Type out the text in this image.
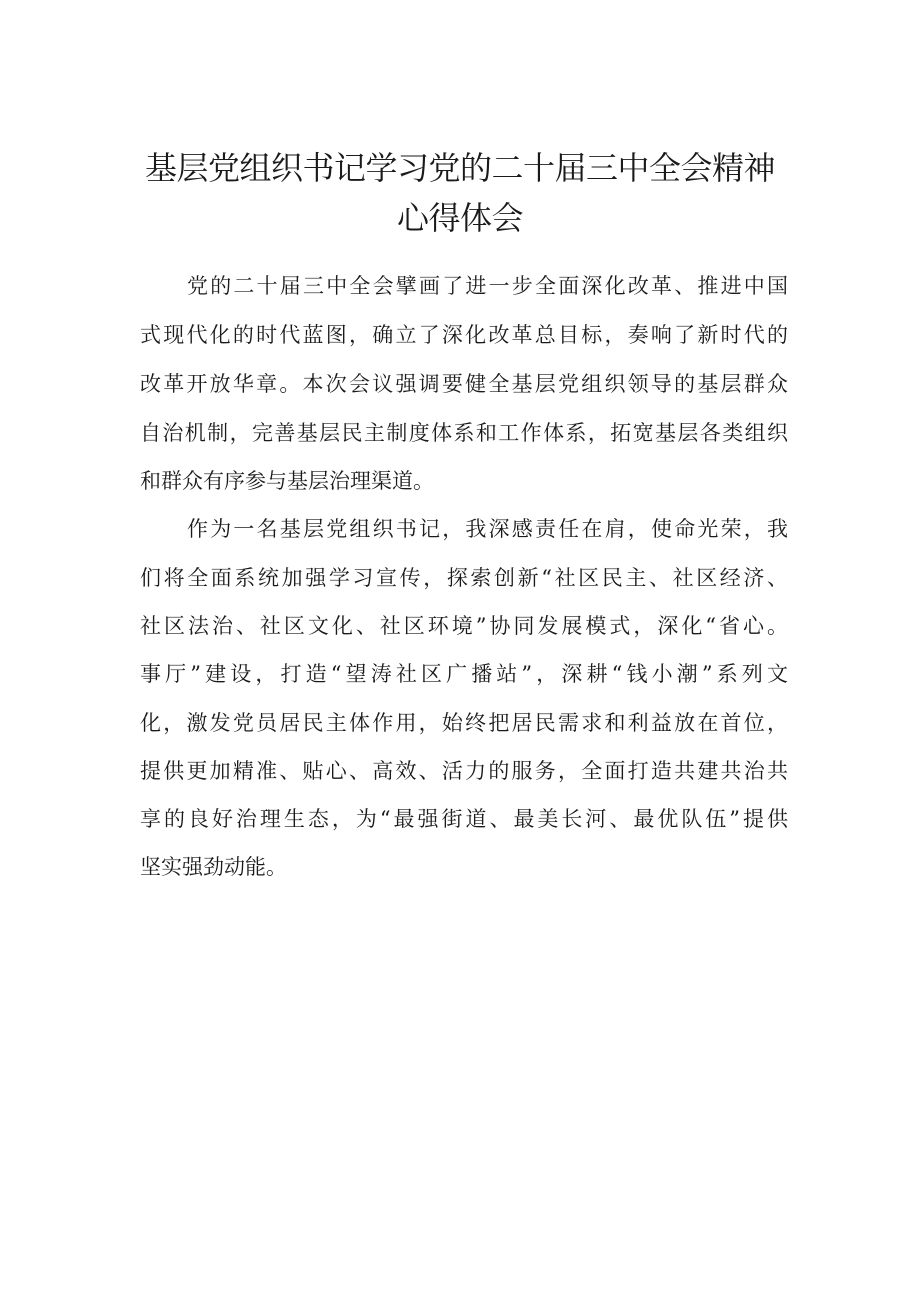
基层党组织书记学习党的二十届三中全会精神
心得体会

党的二十届三中全会擘画了进一步全面深化改革、推进中国

式现代化的时代蓝图，确立了深化改革总目标，奏响了新时代的

改革开放华章。本次会议强调要健全基层党组织领导的基层群众

自治机制，完善基层民主制度体系和工作体系，拓宽基层各类组织

和群众有序参与基层治理渠道。

作为一名基层党组织书记，我深感责任在肩，使命光荣，我

们将全面系统加强学习宣传，探索创新“社区民主、社区经济、

社区法治、社区文化、社区环境”协同发展模式，深化“省心。

事厅”建设，打造“望涛社区广播站”，深耕“钱小潮”系列文

化，激发党员居民主体作用，始终把居民需求和利益放在首位，

提供更加精准、贴心、高效、活力的服务，全面打造共建共治共

享的良好治理生态，为“最强街道、最美长河、最优队伍”提供

坚实强劲动能。
